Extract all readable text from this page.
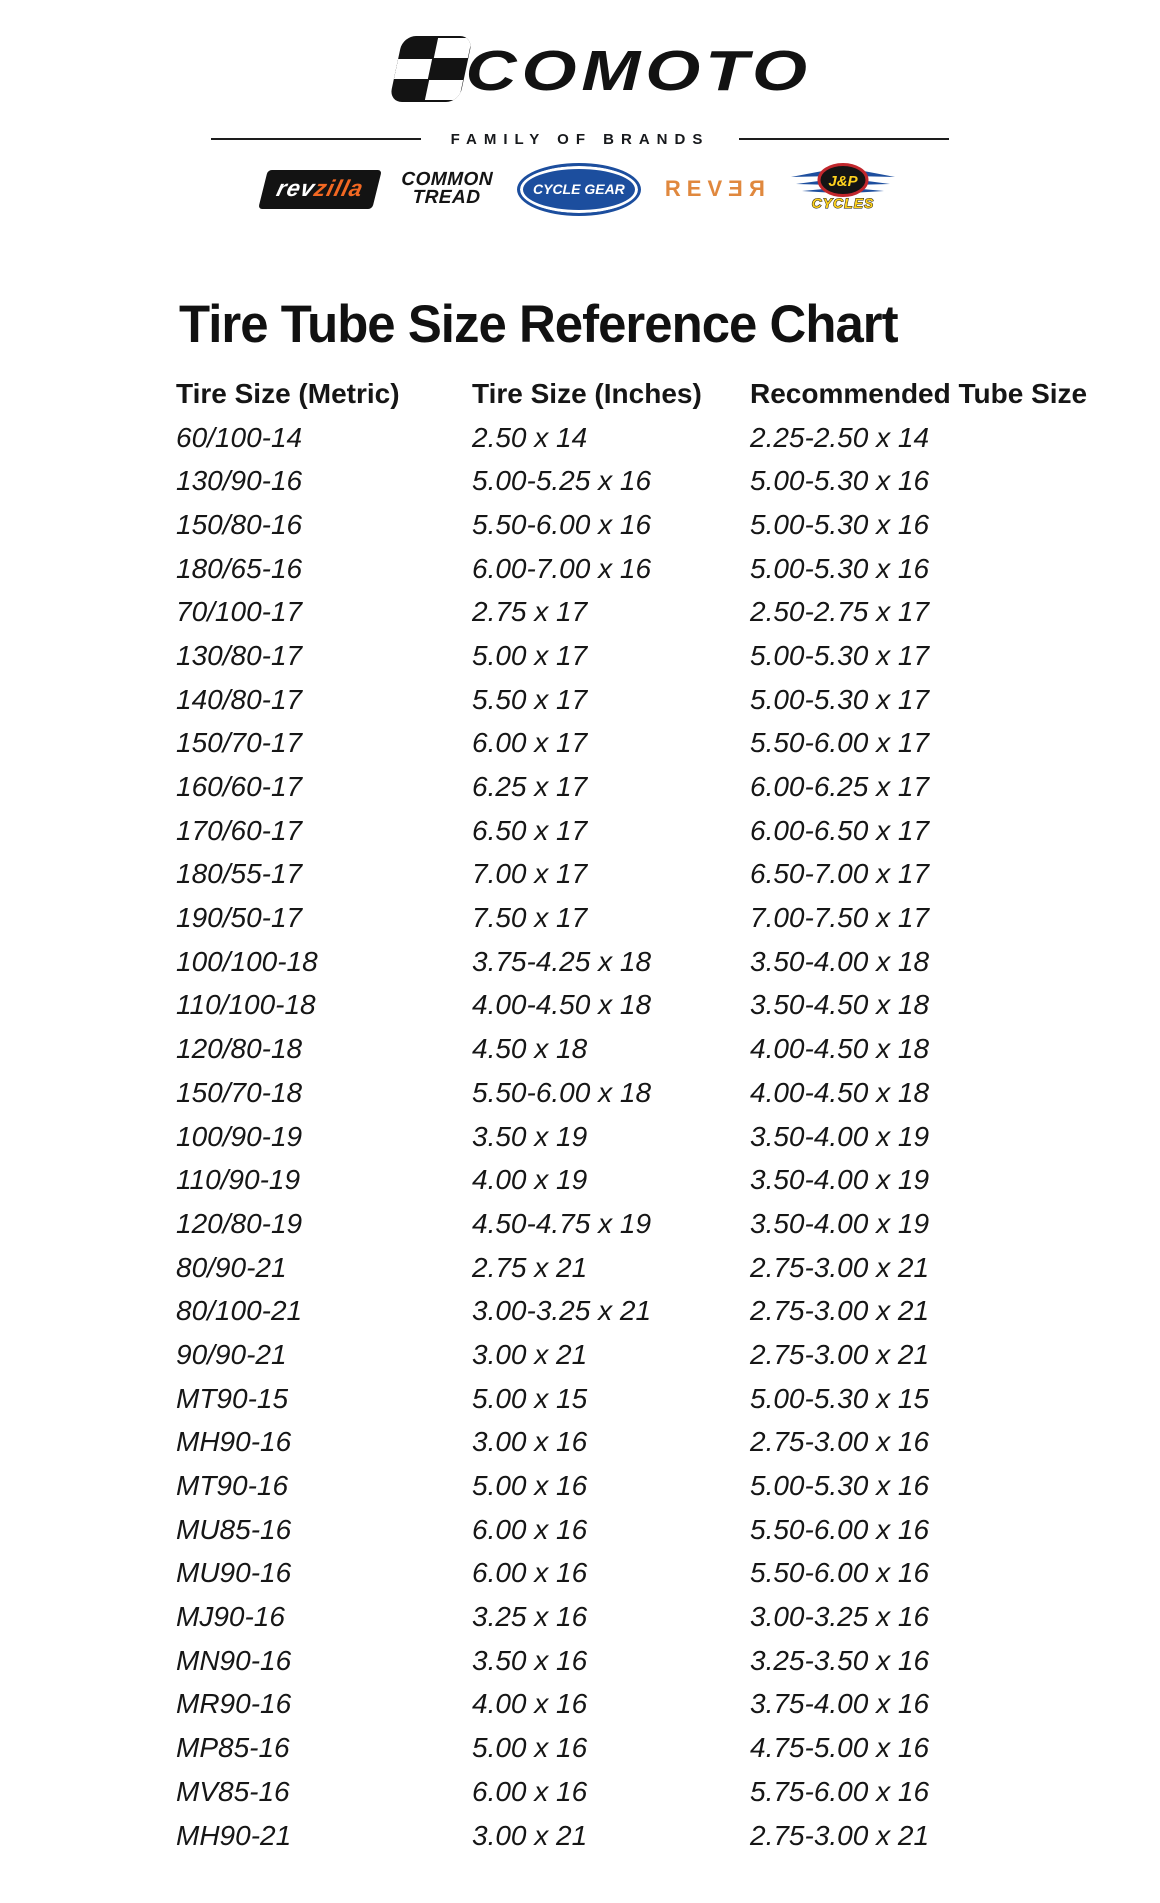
COMOTO
FAMILY OF BRANDS
revzilla COMMON
TREAD	CYCLE GEAR R E V E R	J&P
CYCLES
Tire Tube Size Reference Chart
Tire Size (Metric)	Tire Size (Inches)	Recommended Tube Size
60/100-14	2.50 x 14	2.25-2.50 x 14
130/90-16	5.00-5.25 x 16	5.00-5.30 x 16
150/80-16	5.50-6.00 x 16	5.00-5.30 x 16
180/65-16	6.00-7.00 x 16	5.00-5.30 x 16
70/100-17	2.75 x 17	2.50-2.75 x 17
130/80-17	5.00 x 17	5.00-5.30 x 17
140/80-17	5.50 x 17	5.00-5.30 x 17
150/70-17	6.00 x 17	5.50-6.00 x 17
160/60-17	6.25 x 17	6.00-6.25 x 17
170/60-17	6.50 x 17	6.00-6.50 x 17
180/55-17	7.00 x 17	6.50-7.00 x 17
190/50-17	7.50 x 17	7.00-7.50 x 17
100/100-18	3.75-4.25 x 18	3.50-4.00 x 18
110/100-18	4.00-4.50 x 18	3.50-4.50 x 18
120/80-18	4.50 x 18	4.00-4.50 x 18
150/70-18	5.50-6.00 x 18	4.00-4.50 x 18
100/90-19	3.50 x 19	3.50-4.00 x 19
110/90-19	4.00 x 19	3.50-4.00 x 19
120/80-19	4.50-4.75 x 19	3.50-4.00 x 19
80/90-21	2.75 x 21	2.75-3.00 x 21
80/100-21	3.00-3.25 x 21	2.75-3.00 x 21
90/90-21	3.00 x 21	2.75-3.00 x 21
MT90-15	5.00 x 15	5.00-5.30 x 15
MH90-16	3.00 x 16	2.75-3.00 x 16
MT90-16	5.00 x 16	5.00-5.30 x 16
MU85-16	6.00 x 16	5.50-6.00 x 16
MU90-16	6.00 x 16	5.50-6.00 x 16
MJ90-16	3.25 x 16	3.00-3.25 x 16
MN90-16	3.50 x 16	3.25-3.50 x 16
MR90-16	4.00 x 16	3.75-4.00 x 16
MP85-16	5.00 x 16	4.75-5.00 x 16
MV85-16	6.00 x 16	5.75-6.00 x 16
MH90-21	3.00 x 21	2.75-3.00 x 21
